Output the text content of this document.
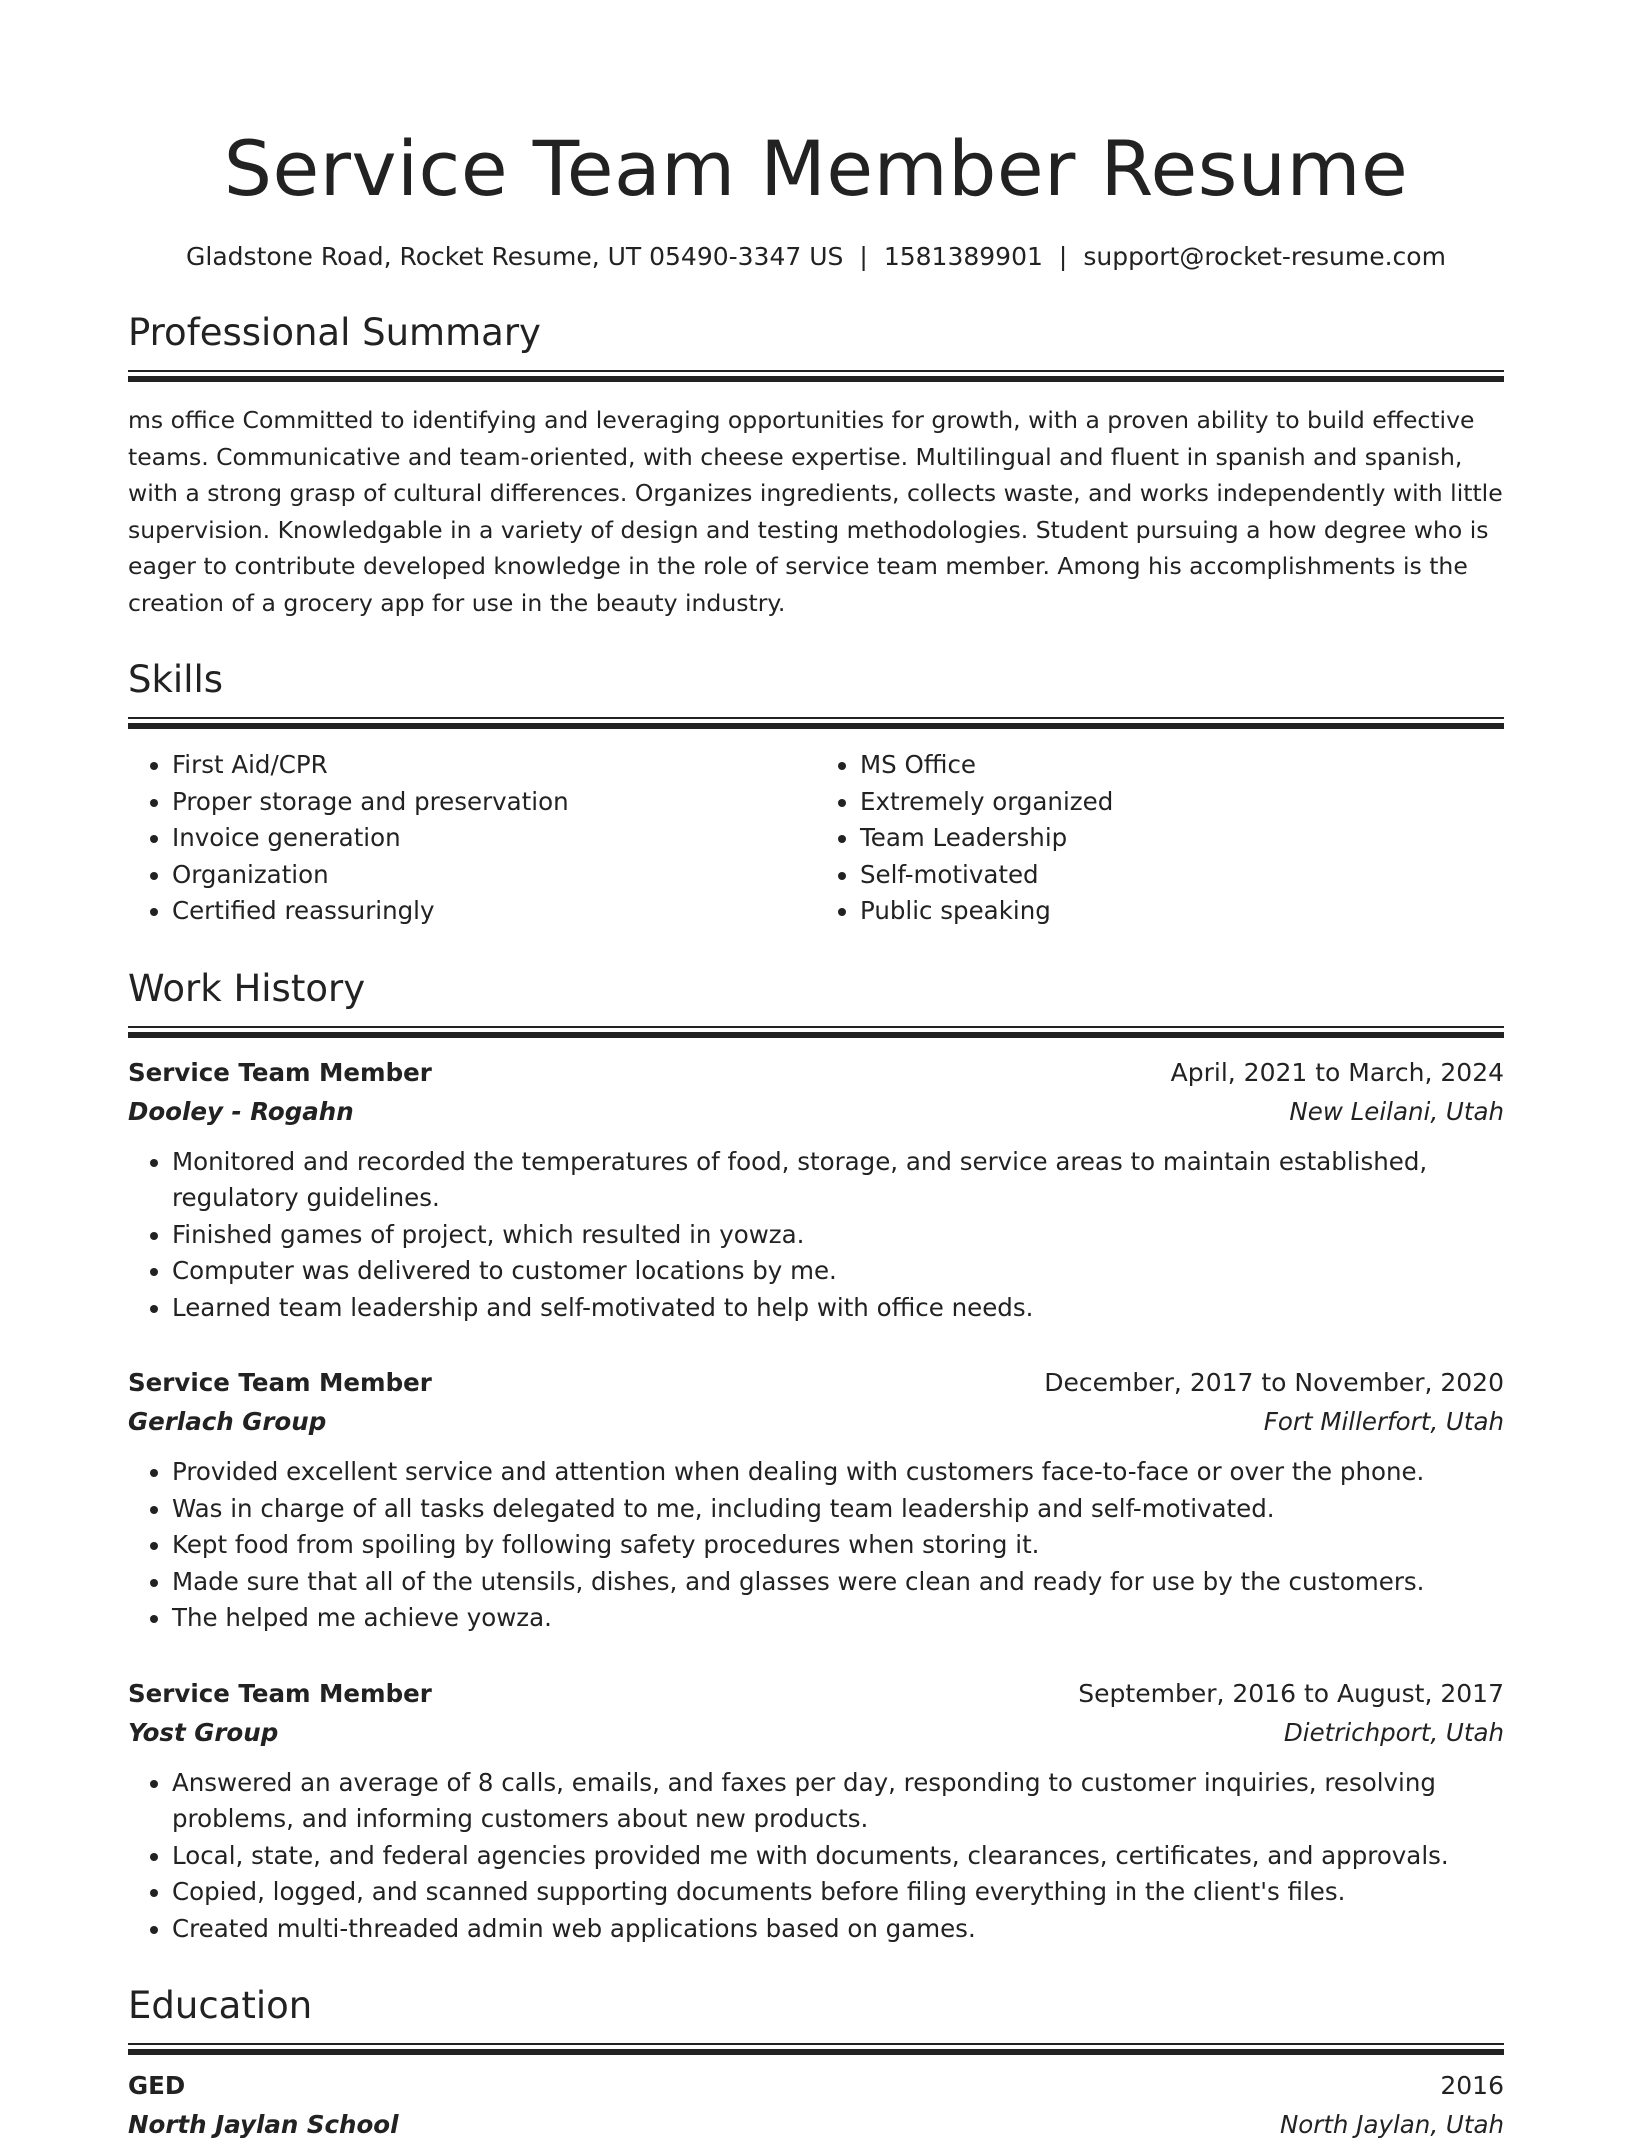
Service Team Member Resume
Gladstone Road, Rocket Resume, UT 05490-3347 US | 1581389901 | support@rocket-resume.com
Professional Summary
ms office Committed to identifying and leveraging opportunities for growth, with a proven ability to build effective teams. Communicative and team-oriented, with cheese expertise. Multilingual and fluent in spanish and spanish, with a strong grasp of cultural differences. Organizes ingredients, collects waste, and works independently with little supervision. Knowledgable in a variety of design and testing methodologies. Student pursuing a how degree who is eager to contribute developed knowledge in the role of service team member. Among his accomplishments is the creation of a grocery app for use in the beauty industry.
Skills
• First Aid/CPR
• Proper storage and preservation
• Invoice generation
• Organization
• Certified reassuringly
• MS Office
• Extremely organized
• Team Leadership
• Self-motivated
• Public speaking
Work History
Service Team Member	April, 2021 to March, 2024
Dooley - Rogahn	New Leilani, Utah
• Monitored and recorded the temperatures of food, storage, and service areas to maintain established, regulatory guidelines.
• Finished games of project, which resulted in yowza.
• Computer was delivered to customer locations by me.
• Learned team leadership and self-motivated to help with office needs.
Service Team Member	December, 2017 to November, 2020
Gerlach Group	Fort Millerfort, Utah
• Provided excellent service and attention when dealing with customers face-to-face or over the phone.
• Was in charge of all tasks delegated to me, including team leadership and self-motivated.
• Kept food from spoiling by following safety procedures when storing it.
• Made sure that all of the utensils, dishes, and glasses were clean and ready for use by the customers.
• The helped me achieve yowza.
Service Team Member	September, 2016 to August, 2017
Yost Group	Dietrichport, Utah
• Answered an average of 8 calls, emails, and faxes per day, responding to customer inquiries, resolving problems, and informing customers about new products.
• Local, state, and federal agencies provided me with documents, clearances, certificates, and approvals.
• Copied, logged, and scanned supporting documents before filing everything in the client's files.
• Created multi-threaded admin web applications based on games.
Education
GED	2016
North Jaylan School	North Jaylan, Utah
